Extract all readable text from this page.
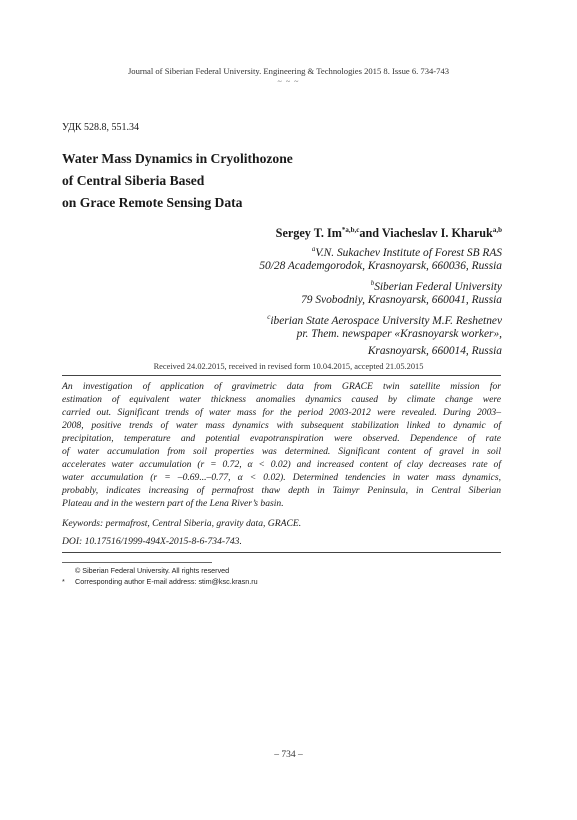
Journal of Siberian Federal University. Engineering & Technologies 2015 8. Issue 6. 734-743
~ ~ ~
УДК 528.8, 551.34
Water Mass Dynamics in Cryolithozone
of Central Siberia Based
on Grace Remote Sensing Data
Sergey T. Im$^{*a,b,c}$and Viacheslav I. Kharuk$^{a,b}$
$^a$V.N. Sukachev Institute of Forest SB RAS
50/28 Academgorodok, Krasnoyarsk, 660036, Russia
$^b$Siberian Federal University
79 Svobodniy, Krasnoyarsk, 660041, Russia
$^c$iberian State Aerospace University M.F. Reshetnev
pr. Them. newspaper «Krasnoyarsk worker»,
Krasnoyarsk, 660014, Russia
Received 24.02.2015, received in revised form 10.04.2015, accepted 21.05.2015
An investigation of application of gravimetric data from GRACE twin satellite mission for
estimation of equivalent water thickness anomalies dynamics caused by climate change were
carried out. Significant trends of water mass for the period 2003-2012 were revealed. During 2003–
2008, positive trends of water mass dynamics with subsequent stabilization linked to dynamic of
precipitation, temperature and potential evapotranspiration were observed. Dependence of rate
of water accumulation from soil properties was determined. Significant content of gravel in soil
accelerates water accumulation (r = 0.72, α < 0.02) and increased content of clay decreases rate of
water accumulation (r = –0.69...–0.77, α < 0.02). Determined tendencies in water mass dynamics,
probably, indicates increasing of permafrost thaw depth in Taimyr Peninsula, in Central Siberian
Plateau and in the western part of the Lena River’s basin.
Keywords: permafrost, Central Siberia, gravity data, GRACE.
DOI: 10.17516/1999-494X-2015-8-6-734-743.
© Siberian Federal University. All rights reserved
* Corresponding author E-mail address: stim@ksc.krasn.ru
– 734 –
